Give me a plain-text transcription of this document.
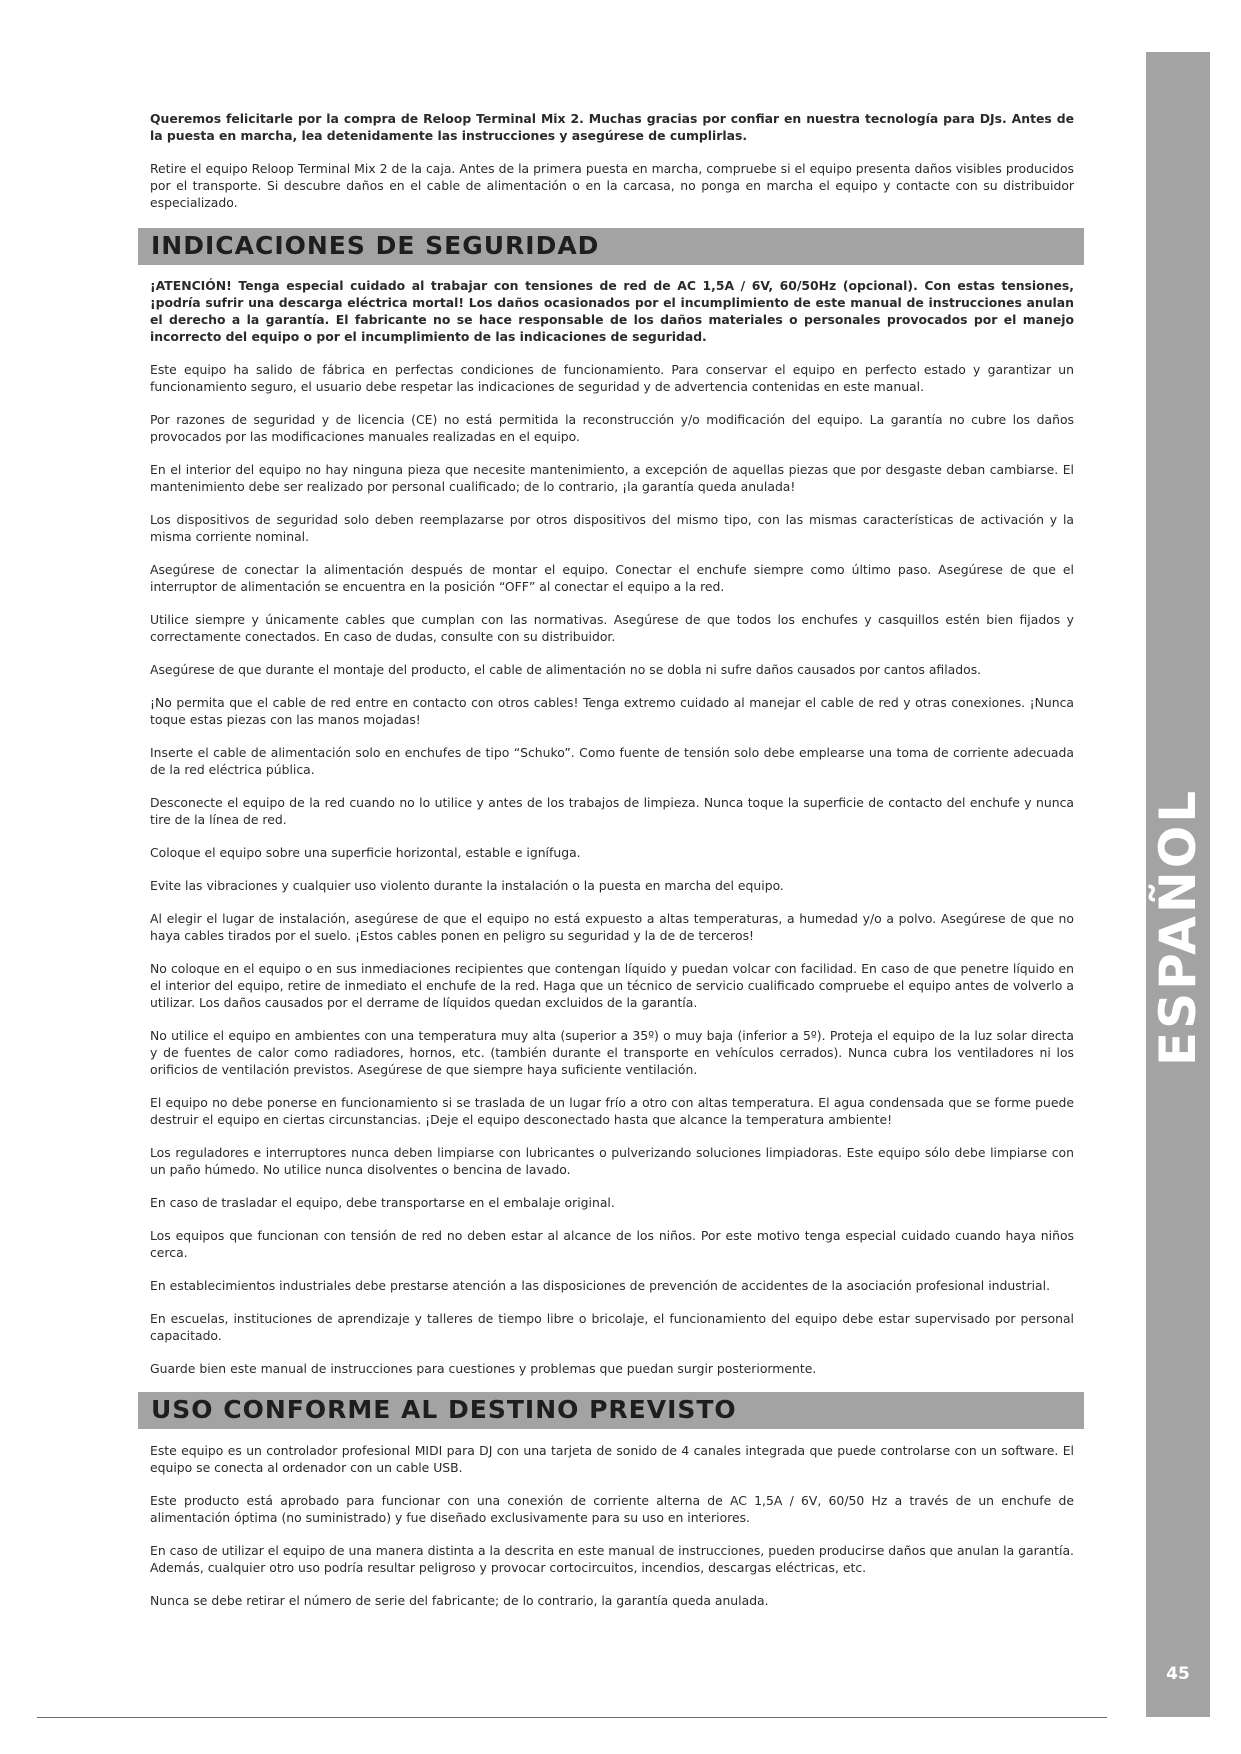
Queremos felicitarle por la compra de Reloop Terminal Mix 2. Muchas gracias por confiar en nuestra tecnología para DJs. Antes de la puesta en marcha, lea detenidamente las instrucciones y asegúrese de cumplirlas.

Retire el equipo Reloop Terminal Mix 2 de la caja. Antes de la primera puesta en marcha, compruebe si el equipo presenta daños visibles producidos por el transporte. Si descubre daños en el cable de alimentación o en la carcasa, no ponga en marcha el equipo y contacte con su distribuidor especializado.

INDICACIONES DE SEGURIDAD

¡ATENCIÓN! Tenga especial cuidado al trabajar con tensiones de red de AC 1,5A / 6V, 60/50Hz (opcional). Con estas tensiones, ¡podría sufrir una descarga eléctrica mortal! Los daños ocasionados por el incumplimiento de este manual de instrucciones anulan el derecho a la garantía. El fabricante no se hace responsable de los daños materiales o personales provocados por el manejo incorrecto del equipo o por el incumplimiento de las indicaciones de seguridad.

Este equipo ha salido de fábrica en perfectas condiciones de funcionamiento. Para conservar el equipo en perfecto estado y garantizar un funcionamiento seguro, el usuario debe respetar las indicaciones de seguridad y de advertencia contenidas en este manual.

Por razones de seguridad y de licencia (CE) no está permitida la reconstrucción y/o modificación del equipo. La garantía no cubre los daños provocados por las modificaciones manuales realizadas en el equipo.

En el interior del equipo no hay ninguna pieza que necesite mantenimiento, a excepción de aquellas piezas que por desgaste deban cambiarse. El mantenimiento debe ser realizado por personal cualificado; de lo contrario, ¡la garantía queda anulada!

Los dispositivos de seguridad solo deben reemplazarse por otros dispositivos del mismo tipo, con las mismas características de activación y la misma corriente nominal.

Asegúrese de conectar la alimentación después de montar el equipo. Conectar el enchufe siempre como último paso. Asegúrese de que el interruptor de alimentación se encuentra en la posición “OFF” al conectar el equipo a la red.

Utilice siempre y únicamente cables que cumplan con las normativas. Asegúrese de que todos los enchufes y casquillos estén bien fijados y correctamente conectados. En caso de dudas, consulte con su distribuidor.

Asegúrese de que durante el montaje del producto, el cable de alimentación no se dobla ni sufre daños causados por cantos afilados.

¡No permita que el cable de red entre en contacto con otros cables! Tenga extremo cuidado al manejar el cable de red y otras conexiones. ¡Nunca toque estas piezas con las manos mojadas!

Inserte el cable de alimentación solo en enchufes de tipo “Schuko”. Como fuente de tensión solo debe emplearse una toma de corriente adecuada de la red eléctrica pública.

Desconecte el equipo de la red cuando no lo utilice y antes de los trabajos de limpieza. Nunca toque la superficie de contacto del enchufe y nunca tire de la línea de red.

Coloque el equipo sobre una superficie horizontal, estable e ignífuga.

Evite las vibraciones y cualquier uso violento durante la instalación o la puesta en marcha del equipo.

Al elegir el lugar de instalación, asegúrese de que el equipo no está expuesto a altas temperaturas, a humedad y/o a polvo. Asegúrese de que no haya cables tirados por el suelo. ¡Estos cables ponen en peligro su seguridad y la de de terceros!

No coloque en el equipo o en sus inmediaciones recipientes que contengan líquido y puedan volcar con facilidad. En caso de que penetre líquido en el interior del equipo, retire de inmediato el enchufe de la red. Haga que un técnico de servicio cualificado compruebe el equipo antes de volverlo a utilizar. Los daños causados por el derrame de líquidos quedan excluidos de la garantía.

No utilice el equipo en ambientes con una temperatura muy alta (superior a 35º) o muy baja (inferior a 5º). Proteja el equipo de la luz solar directa y de fuentes de calor como radiadores, hornos, etc. (también durante el transporte en vehículos cerrados). Nunca cubra los ventiladores ni los orificios de ventilación previstos. Asegúrese de que siempre haya suficiente ventilación.

El equipo no debe ponerse en funcionamiento si se traslada de un lugar frío a otro con altas temperatura. El agua condensada que se forme puede destruir el equipo en ciertas circunstancias. ¡Deje el equipo desconectado hasta que alcance la temperatura ambiente!

Los reguladores e interruptores nunca deben limpiarse con lubricantes o pulverizando soluciones limpiadoras. Este equipo sólo debe limpiarse con un paño húmedo. No utilice nunca disolventes o bencina de lavado.

En caso de trasladar el equipo, debe transportarse en el embalaje original.

Los equipos que funcionan con tensión de red no deben estar al alcance de los niños. Por este motivo tenga especial cuidado cuando haya niños cerca.

En establecimientos industriales debe prestarse atención a las disposiciones de prevención de accidentes de la asociación profesional industrial.

En escuelas, instituciones de aprendizaje y talleres de tiempo libre o bricolaje, el funcionamiento del equipo debe estar supervisado por personal capacitado.

Guarde bien este manual de instrucciones para cuestiones y problemas que puedan surgir posteriormente.

USO CONFORME AL DESTINO PREVISTO

Este equipo es un controlador profesional MIDI para DJ con una tarjeta de sonido de 4 canales integrada que puede controlarse con un software. El equipo se conecta al ordenador con un cable USB.

Este producto está aprobado para funcionar con una conexión de corriente alterna de AC 1,5A / 6V, 60/50 Hz a través de un enchufe de alimentación óptima (no suministrado) y fue diseñado exclusivamente para su uso en interiores.

En caso de utilizar el equipo de una manera distinta a la descrita en este manual de instrucciones, pueden producirse daños que anulan la garantía. Además, cualquier otro uso podría resultar peligroso y provocar cortocircuitos, incendios, descargas eléctricas, etc.

Nunca se debe retirar el número de serie del fabricante; de lo contrario, la garantía queda anulada.

ESPAÑOL
45
